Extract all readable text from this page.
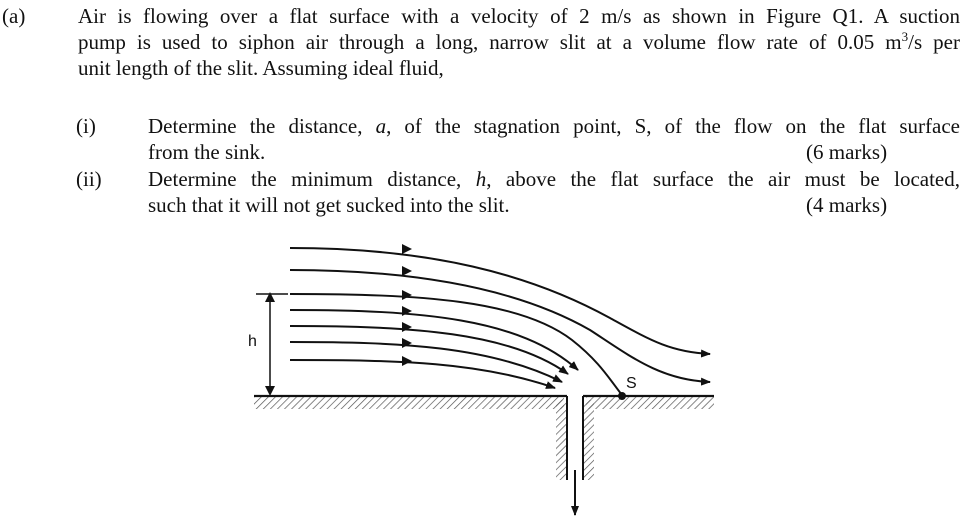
(a)	Air is flowing over a flat surface with a velocity of 2 m/s as shown in Figure Q1. A suction
pump is used to siphon air through a long, narrow slit at a volume flow rate of 0.05 $m^3/s$ per
unit length of the slit. Assuming ideal fluid,
(i) Determine the distance, a, of the stagnation point, S, of the flow on the flat surface
from the sink.	(6 marks)
(ii) Determine the minimum distance, h, above the flat surface the air must be located,
such that it will not get sucked into the slit.	(4 marks)
S
h
